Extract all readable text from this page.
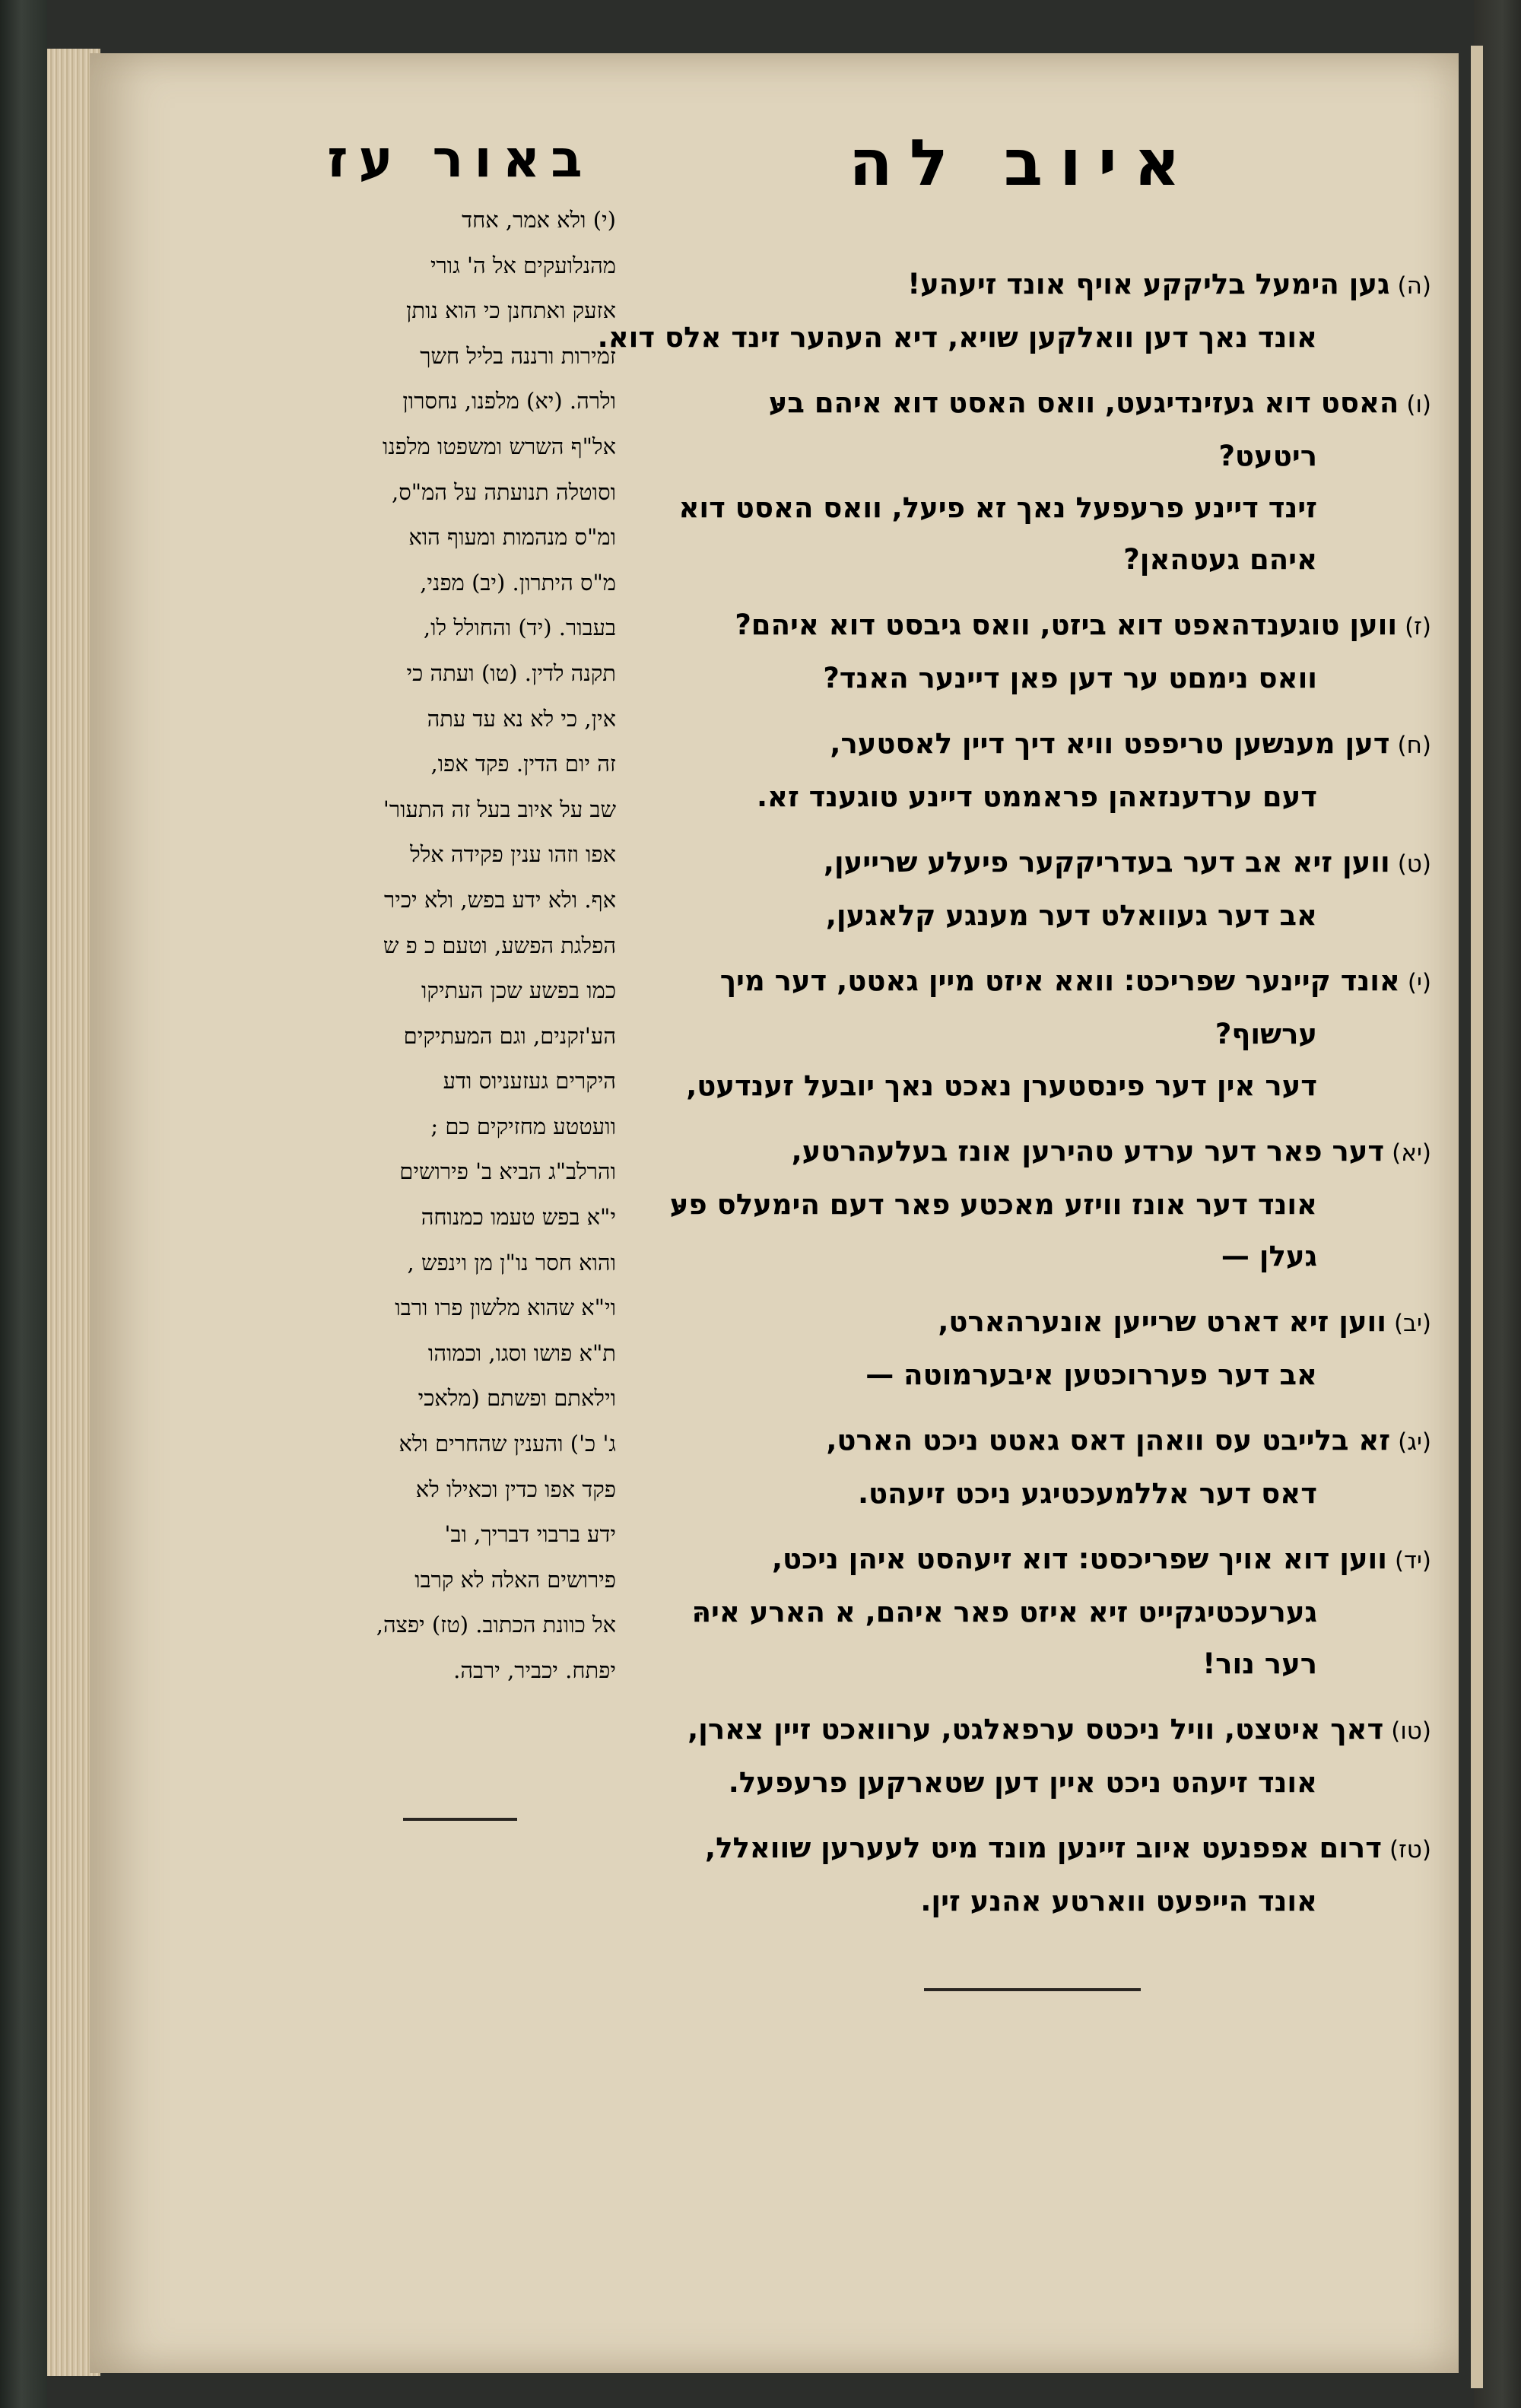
באור עז	איוב לה
(י) ולא אמר, אחד
מהנלועקים אל ה' גורי
אזעק ואתחנן כי הוא נותן
זמירות ורננה בליל חשך
ולרה. (יא) מלפנו, נחסרון
אל"ף השרש ומשפטו מלפנו
וסוטלה תנועתה על המ"ס,
ומ"ס מנהמות ומעוף הוא
מ"ס היתרון. (יב) מפני,
בעבור. (יד) והחולל לו,
תקנה לדין. (טו) ועתה כי
אין, כי לא נא עד עתה
זה יום הדין. פקד אפו,
שב על איוב בעל זה התעור'
אפו וזהו ענין פקידה אלל
אף. ולא ידע בפש, ולא יכיר
הפלגת הפשע, וטעם כ פ ש
כמו בפשע שכן העתיקו
הע'זקנים, וגם המעתיקים
היקרים געזעניוס ודע
וועטטע מחזיקים כם ;
והרלב"ג הביא ב' פירושים
י"א בפש טעמו כמנוחה
והוא חסר נו"ן מן וינפש ,
וי"א שהוא מלשון פרו ורבו
ת"א פושו וסגו, וכמוהו
וילאתם ופשתם (מלאכי
ג' כ') והענין שהחרים ולא
פקד אפו כדין וכאילו לא
ידע ברבוי דבריך, וב'
פירושים האלה לא קרבו
אל כוונת הכתוב. (טז) יפצה,
יפתח. יכביר, ירבה.
(ה)גען הימעל בליקקע אויף אונד זיעהע!
אונד נאך דען וואלקען שויא, דיא העהער זינד אלס דוא.
(ו)האסט דוא געזינדיגעט, וואס האסט דוא איהם בעּ
ריטעט?
זינד דיינע פרעפעל נאך זא פיעל, וואס האסט דוא
איהם געטהאן?
(ז)ווען טוגענדהאפט דוא ביזט, וואס גיבסט דוא איהם?
וואס נימםט ער דען פאן דיינער האנד?
(ח)דען מענשען טריפפט וויא דיך דיין לאסטער,
דעם ערדענזאהן פראממט דיינע טוגענד זא.
(ט)ווען זיא אב דער בעדריקקער פיעלע שרייען,
אב דער געוואלט דער מענגע קלאגען,
(י)אונד קיינער שפריכט: וואא איזט מיין גאטט, דער מיך
ערשוף?
דער אין דער פינסטערן נאכט נאך יובעל זענדעט,
(יא)דער פאר דער ערדע טהירען אונז בעלעהרטע,
אונד דער אונז וויזע מאכטע פאר דעם הימעלס פעּ
געלן —
(יב)ווען זיא דארט שרייען אונערהארט,
אב דער פעררוכטען איבערמוטה —
(יג)זא בלייבט עס וואהן דאס גאטט ניכט הארט,
דאס דער אללמעכטיגע ניכט זיעהט.
(יד)ווען דוא אויך שפריכסט: דוא זיעהסט איהן ניכט,
גערעכטיגקייט זיא איזט פאר איהם, א הארע איהּ
רער נור!
(טו)דאך איטצט, וויל ניכטס ערפאלגט, ערוואכט זיין צארן,
אונד זיעהט ניכט איין דען שטארקען פרעפעל.
(טז)דרום אפפנעט איוב זיינען מונד מיט לעערען שוואלל,
אונד הייפעט ווארטע אהנע זין.
